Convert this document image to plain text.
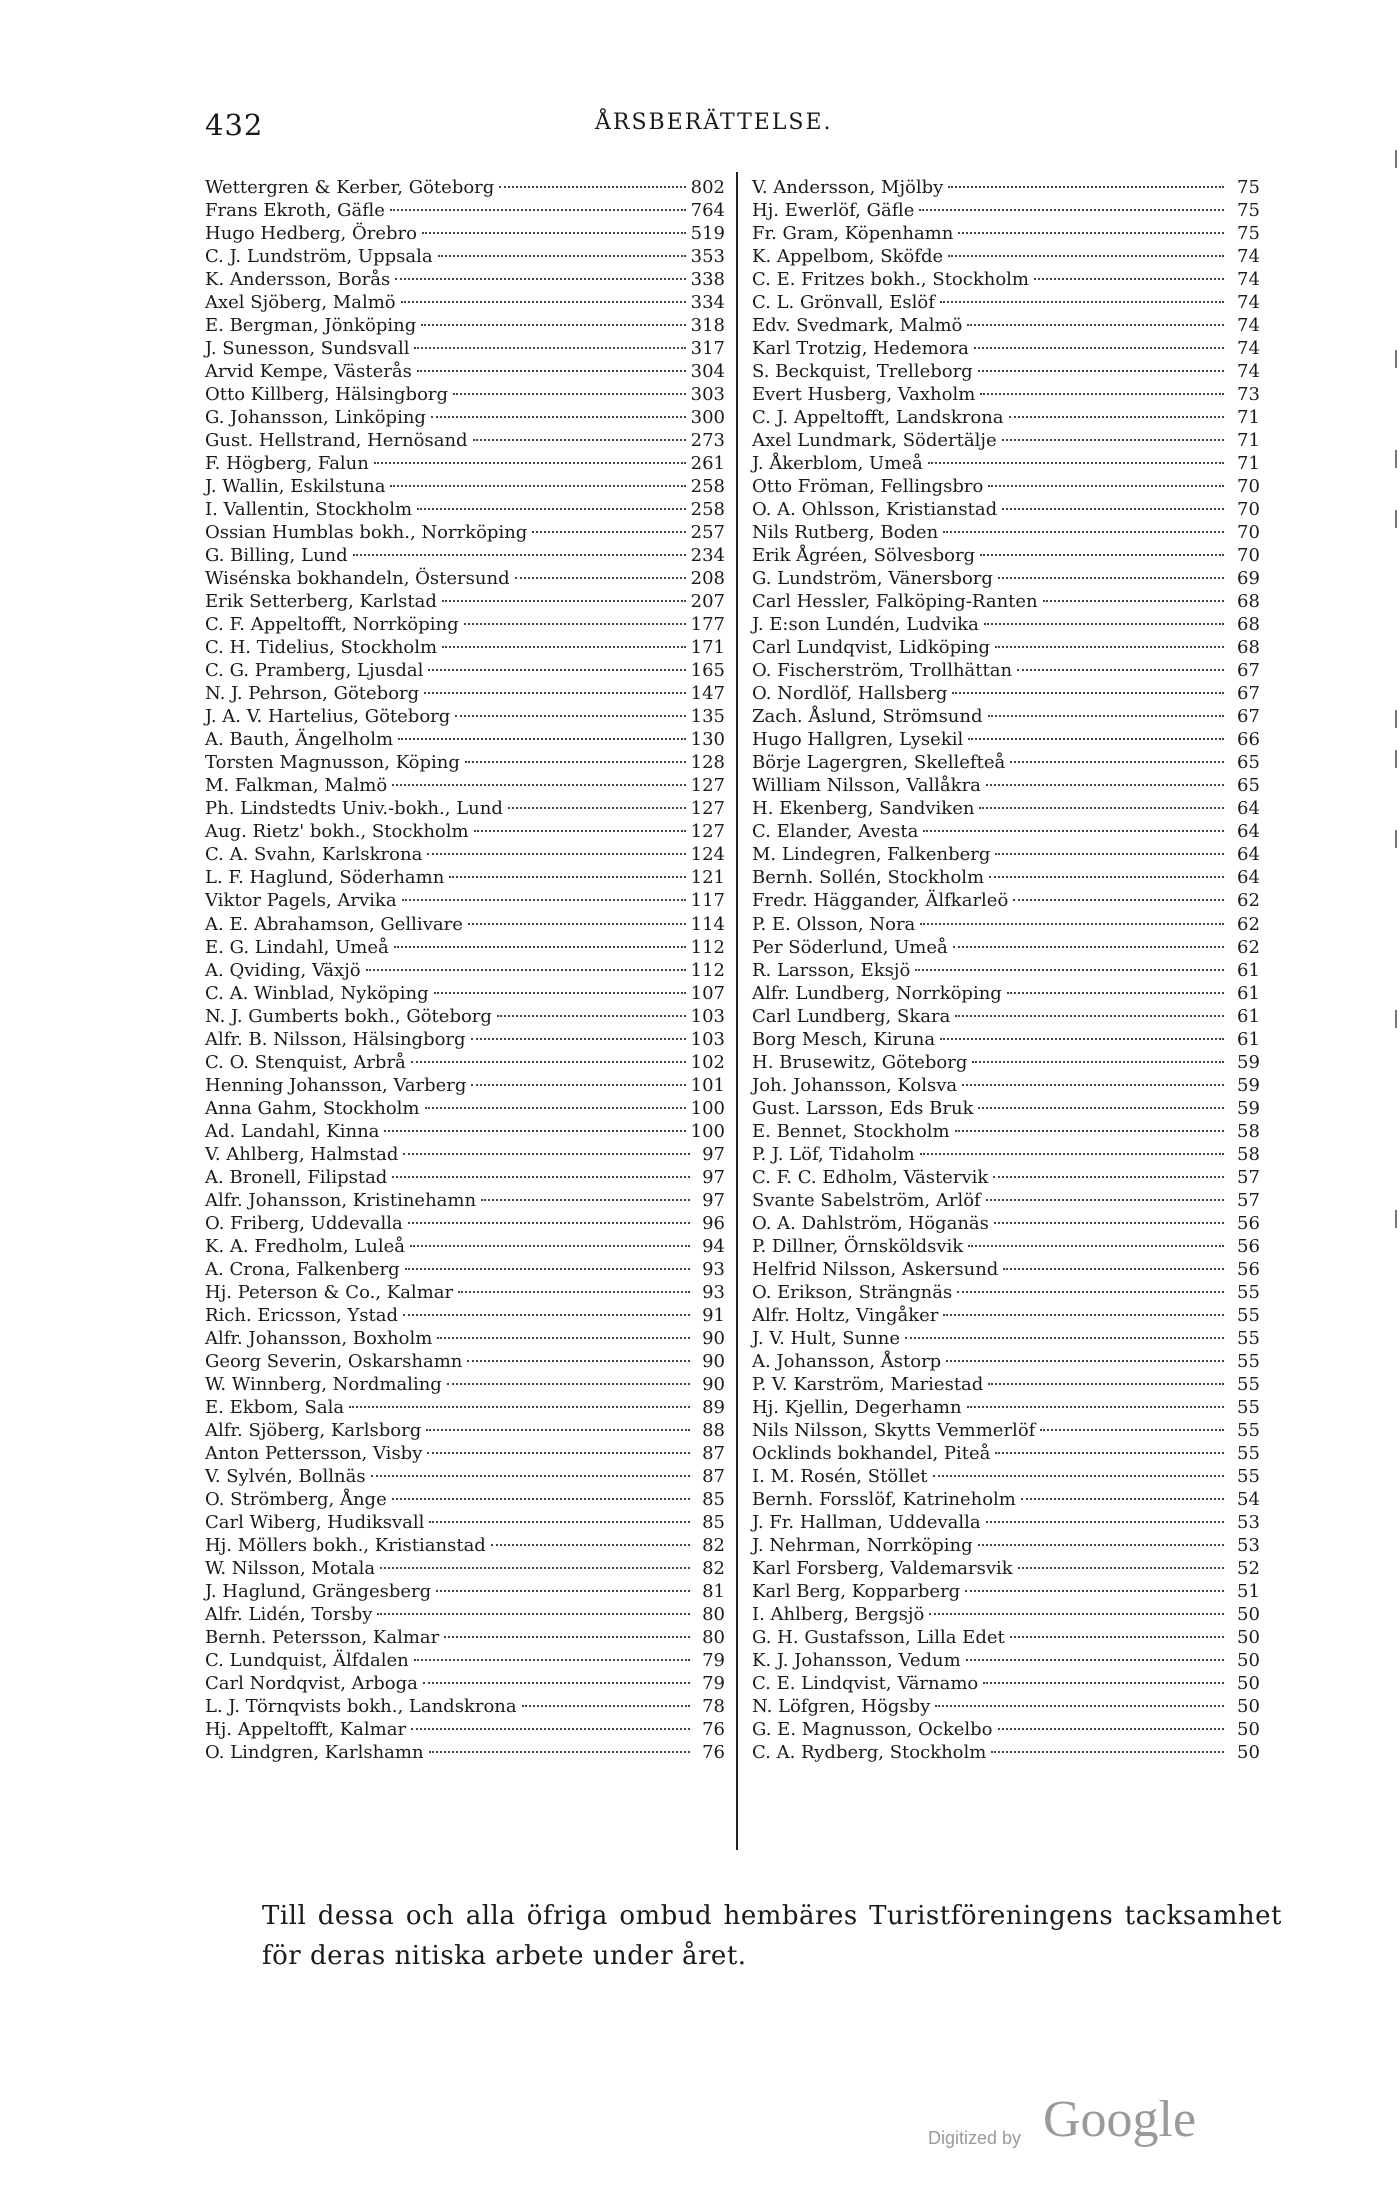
432	ÅRSBERÄTTELSE.
Wettergren & Kerber, Göteborg	802
Frans Ekroth, Gäfle	764
Hugo Hedberg, Örebro	519
C. J. Lundström, Uppsala	353
K. Andersson, Borås	338
Axel Sjöberg, Malmö	334
E. Bergman, Jönköping	318
J. Sunesson, Sundsvall	317
Arvid Kempe, Västerås	304
Otto Killberg, Hälsingborg	303
G. Johansson, Linköping	300
Gust. Hellstrand, Hernösand	273
F. Högberg, Falun	261
J. Wallin, Eskilstuna	258
I. Vallentin, Stockholm	258
Ossian Humblas bokh., Norrköping	257
G. Billing, Lund	234
Wisénska bokhandeln, Östersund	208
Erik Setterberg, Karlstad	207
C. F. Appeltofft, Norrköping	177
C. H. Tidelius, Stockholm	171
C. G. Pramberg, Ljusdal	165
N. J. Pehrson, Göteborg	147
J. A. V. Hartelius, Göteborg	135
A. Bauth, Ängelholm	130
Torsten Magnusson, Köping	128
M. Falkman, Malmö	127
Ph. Lindstedts Univ.-bokh., Lund	127
Aug. Rietz' bokh., Stockholm	127
C. A. Svahn, Karlskrona	124
L. F. Haglund, Söderhamn	121
Viktor Pagels, Arvika	117
A. E. Abrahamson, Gellivare	114
E. G. Lindahl, Umeå	112
A. Qviding, Växjö	112
C. A. Winblad, Nyköping	107
N. J. Gumberts bokh., Göteborg	103
Alfr. B. Nilsson, Hälsingborg	103
C. O. Stenquist, Arbrå	102
Henning Johansson, Varberg	101
Anna Gahm, Stockholm	100
Ad. Landahl, Kinna	100
V. Ahlberg, Halmstad	97
A. Bronell, Filipstad	97
Alfr. Johansson, Kristinehamn	97
O. Friberg, Uddevalla	96
K. A. Fredholm, Luleå	94
A. Crona, Falkenberg	93
Hj. Peterson & Co., Kalmar	93
Rich. Ericsson, Ystad	91
Alfr. Johansson, Boxholm	90
Georg Severin, Oskarshamn	90
W. Winnberg, Nordmaling	90
E. Ekbom, Sala	89
Alfr. Sjöberg, Karlsborg	88
Anton Pettersson, Visby	87
V. Sylvén, Bollnäs	87
O. Strömberg, Ånge	85
Carl Wiberg, Hudiksvall	85
Hj. Möllers bokh., Kristianstad	82
W. Nilsson, Motala	82
J. Haglund, Grängesberg	81
Alfr. Lidén, Torsby	80
Bernh. Petersson, Kalmar	80
C. Lundquist, Älfdalen	79
Carl Nordqvist, Arboga	79
L. J. Törnqvists bokh., Landskrona	78
Hj. Appeltofft, Kalmar	76
O. Lindgren, Karlshamn	76
V. Andersson, Mjölby	75
Hj. Ewerlöf, Gäfle	75
Fr. Gram, Köpenhamn	75
K. Appelbom, Sköfde	74
C. E. Fritzes bokh., Stockholm	74
C. L. Grönvall, Eslöf	74
Edv. Svedmark, Malmö	74
Karl Trotzig, Hedemora	74
S. Beckquist, Trelleborg	74
Evert Husberg, Vaxholm	73
C. J. Appeltofft, Landskrona	71
Axel Lundmark, Södertälje	71
J. Åkerblom, Umeå	71
Otto Fröman, Fellingsbro	70
O. A. Ohlsson, Kristianstad	70
Nils Rutberg, Boden	70
Erik Ågréen, Sölvesborg	70
G. Lundström, Vänersborg	69
Carl Hessler, Falköping-Ranten	68
J. E:son Lundén, Ludvika	68
Carl Lundqvist, Lidköping	68
O. Fischerström, Trollhättan	67
O. Nordlöf, Hallsberg	67
Zach. Åslund, Strömsund	67
Hugo Hallgren, Lysekil	66
Börje Lagergren, Skellefteå	65
William Nilsson, Vallåkra	65
H. Ekenberg, Sandviken	64
C. Elander, Avesta	64
M. Lindegren, Falkenberg	64
Bernh. Sollén, Stockholm	64
Fredr. Häggander, Älfkarleö	62
P. E. Olsson, Nora	62
Per Söderlund, Umeå	62
R. Larsson, Eksjö	61
Alfr. Lundberg, Norrköping	61
Carl Lundberg, Skara	61
Borg Mesch, Kiruna	61
H. Brusewitz, Göteborg	59
Joh. Johansson, Kolsva	59
Gust. Larsson, Eds Bruk	59
E. Bennet, Stockholm	58
P. J. Löf, Tidaholm	58
C. F. C. Edholm, Västervik	57
Svante Sabelström, Arlöf	57
O. A. Dahlström, Höganäs	56
P. Dillner, Örnsköldsvik	56
Helfrid Nilsson, Askersund	56
O. Erikson, Strängnäs	55
Alfr. Holtz, Vingåker	55
J. V. Hult, Sunne	55
A. Johansson, Åstorp	55
P. V. Karström, Mariestad	55
Hj. Kjellin, Degerhamn	55
Nils Nilsson, Skytts Vemmerlöf	55
Ocklinds bokhandel, Piteå	55
I. M. Rosén, Stöllet	55
Bernh. Forsslöf, Katrineholm	54
J. Fr. Hallman, Uddevalla	53
J. Nehrman, Norrköping	53
Karl Forsberg, Valdemarsvik	52
Karl Berg, Kopparberg	51
I. Ahlberg, Bergsjö	50
G. H. Gustafsson, Lilla Edet	50
K. J. Johansson, Vedum	50
C. E. Lindqvist, Värnamo	50
N. Löfgren, Högsby	50
G. E. Magnusson, Ockelbo	50
C. A. Rydberg, Stockholm	50

Till dessa och alla öfriga ombud hembäres Turistföreningens tacksamhet för deras nitiska arbete under året.

Digitized by Google
